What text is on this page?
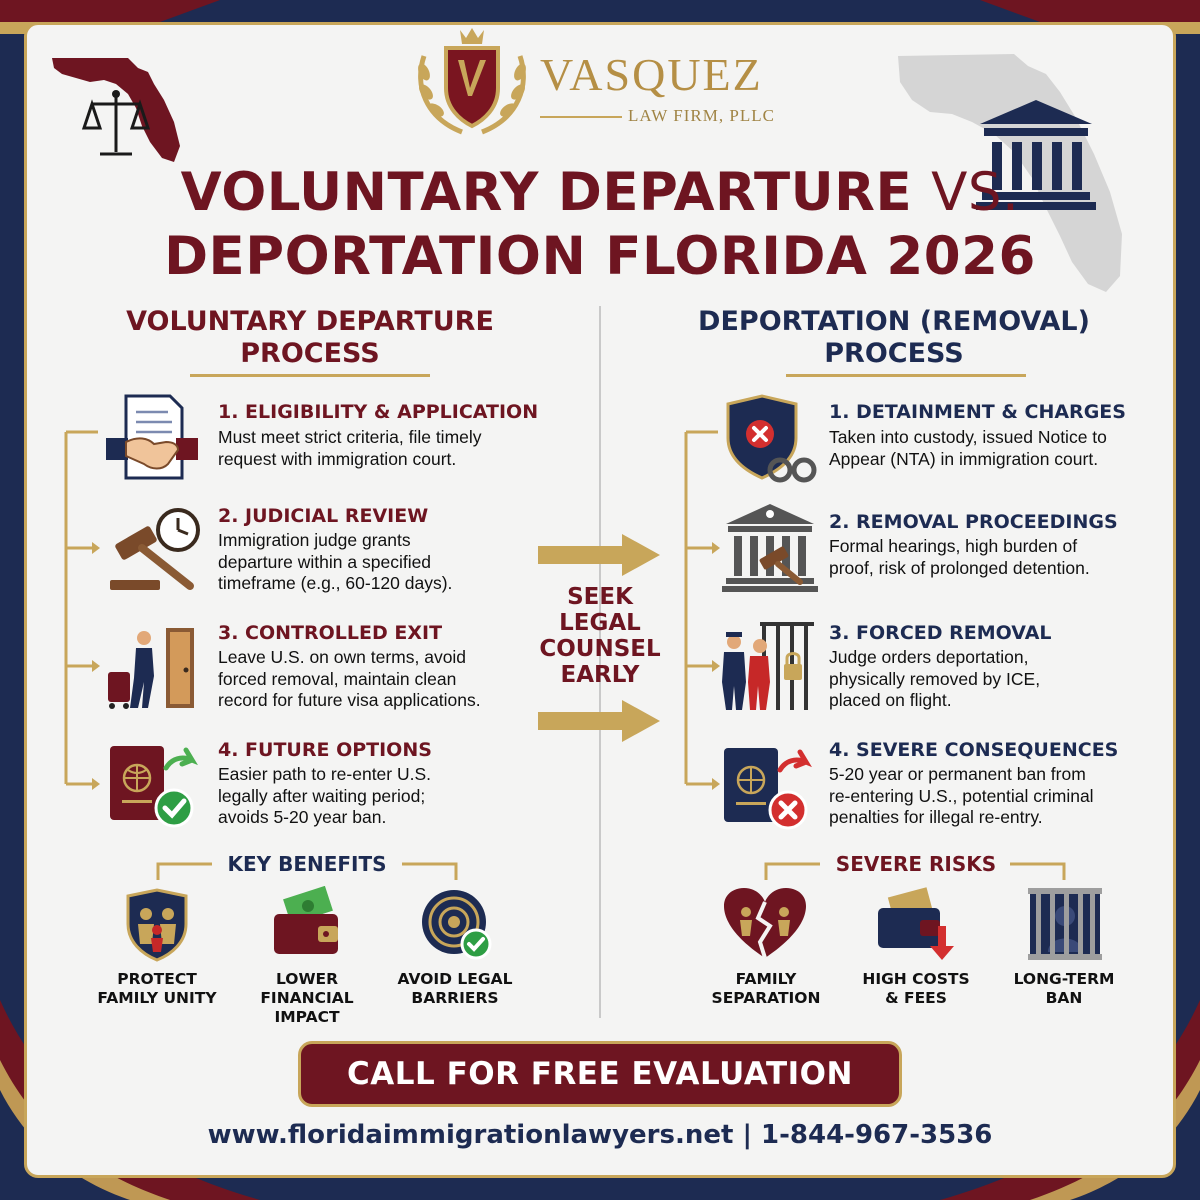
VASQUEZ
LAW FIRM, PLLC
VOLUNTARY DEPARTURE VS.
DEPORTATION FLORIDA 2026
VOLUNTARY DEPARTURE
PROCESS
DEPORTATION (REMOVAL)
PROCESS
1. ELIGIBILITY & APPLICATION
Must meet strict criteria, file timely
request with immigration court.
2. JUDICIAL REVIEW
Immigration judge grants
departure within a specified
timeframe (e.g., 60-120 days).
3. CONTROLLED EXIT
Leave U.S. on own terms, avoid
forced removal, maintain clean
record for future visa applications.
4. FUTURE OPTIONS
Easier path to re-enter U.S.
legally after waiting period;
avoids 5-20 year ban.
SEEK
LEGAL
COUNSEL
EARLY
1. DETAINMENT & CHARGES
Taken into custody, issued Notice to
Appear (NTA) in immigration court.
2. REMOVAL PROCEEDINGS
Formal hearings, high burden of
proof, risk of prolonged detention.
3. FORCED REMOVAL
Judge orders deportation,
physically removed by ICE,
placed on flight.
4. SEVERE CONSEQUENCES
5-20 year or permanent ban from
re-entering U.S., potential criminal
penalties for illegal re-entry.
KEY BENEFITS
PROTECT
FAMILY UNITY
LOWER
FINANCIAL
IMPACT
AVOID LEGAL
BARRIERS
SEVERE RISKS
FAMILY
SEPARATION
HIGH COSTS
& FEES
LONG-TERM
BAN
CALL FOR FREE EVALUATION
www.floridaimmigrationlawyers.net | 1-844-967-3536
